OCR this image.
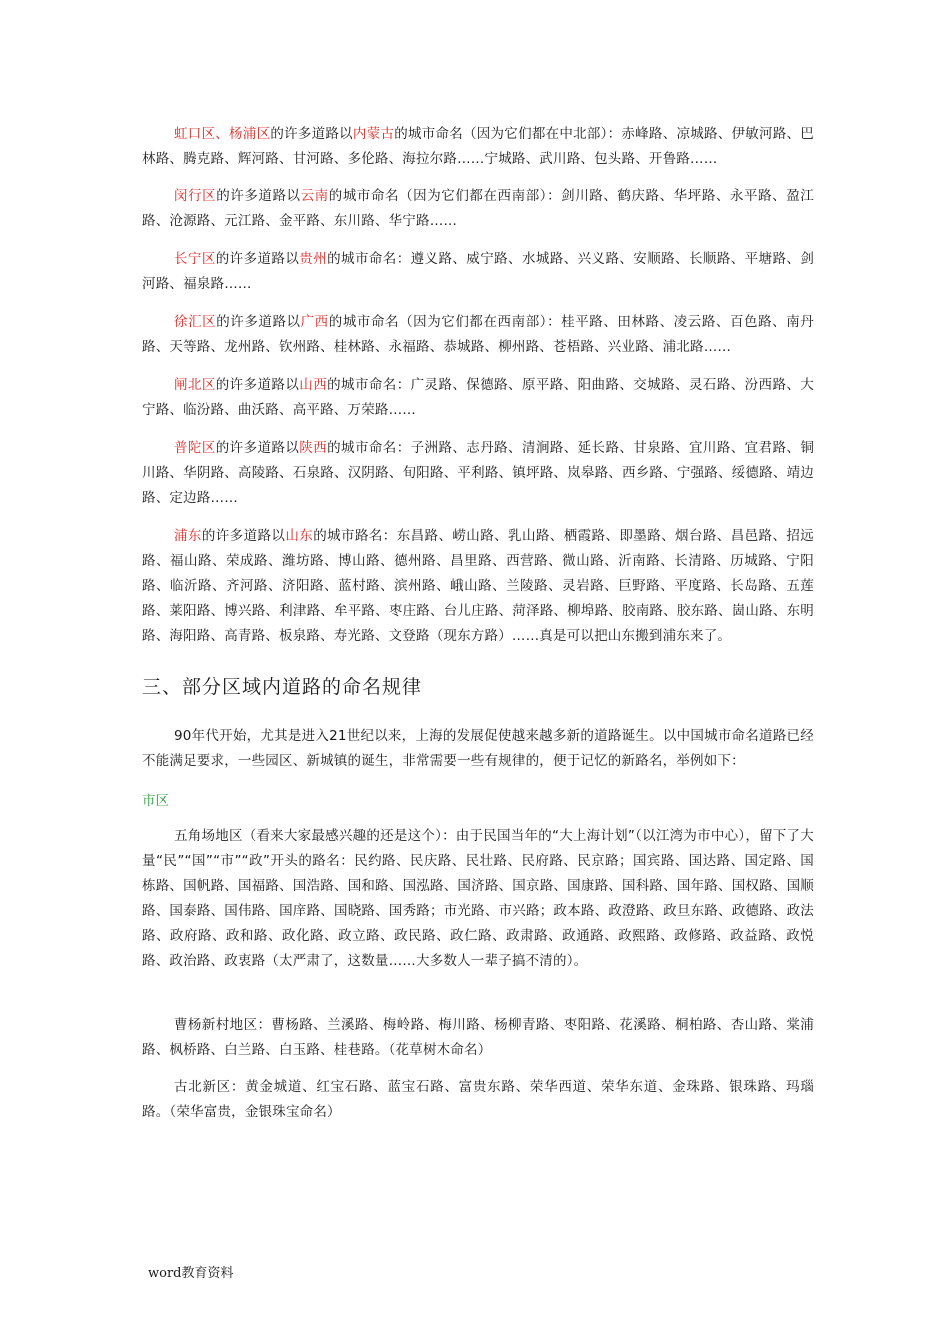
虹口区、杨浦区的许多道路以内蒙古的城市命名（因为它们都在中北部）：赤峰路、凉城路、伊敏河路、巴林路、腾克路、辉河路、甘河路、多伦路、海拉尔路……宁城路、武川路、包头路、开鲁路……

闵行区的许多道路以云南的城市命名（因为它们都在西南部）：剑川路、鹤庆路、华坪路、永平路、盈江路、沧源路、元江路、金平路、东川路、华宁路……

长宁区的许多道路以贵州的城市命名：遵义路、威宁路、水城路、兴义路、安顺路、长顺路、平塘路、剑河路、福泉路……

徐汇区的许多道路以广西的城市命名（因为它们都在西南部）：桂平路、田林路、凌云路、百色路、南丹路、天等路、龙州路、钦州路、桂林路、永福路、恭城路、柳州路、苍梧路、兴业路、浦北路……

闸北区的许多道路以山西的城市命名：广灵路、保德路、原平路、阳曲路、交城路、灵石路、汾西路、大宁路、临汾路、曲沃路、高平路、万荣路……

普陀区的许多道路以陕西的城市命名：子洲路、志丹路、清涧路、延长路、甘泉路、宜川路、宜君路、铜川路、华阴路、高陵路、石泉路、汉阴路、旬阳路、平利路、镇坪路、岚皋路、西乡路、宁强路、绥德路、靖边路、定边路……

浦东的许多道路以山东的城市路名：东昌路、崂山路、乳山路、栖霞路、即墨路、烟台路、昌邑路、招远路、福山路、荣成路、潍坊路、博山路、德州路、昌里路、西营路、微山路、沂南路、长清路、历城路、宁阳路、临沂路、齐河路、济阳路、蓝村路、滨州路、峨山路、兰陵路、灵岩路、巨野路、平度路、长岛路、五莲路、莱阳路、博兴路、利津路、牟平路、枣庄路、台儿庄路、菏泽路、柳埠路、胶南路、胶东路、崮山路、东明路、海阳路、高青路、板泉路、寿光路、文登路（现东方路）……真是可以把山东搬到浦东来了。

三、部分区域内道路的命名规律

90年代开始，尤其是进入21世纪以来，上海的发展促使越来越多新的道路诞生。以中国城市命名道路已经不能满足要求，一些园区、新城镇的诞生，非常需要一些有规律的，便于记忆的新路名，举例如下：

市区

五角场地区（看来大家最感兴趣的还是这个）：由于民国当年的“大上海计划”（以江湾为市中心），留下了大量“民”“国”“市”“政”开头的路名：民约路、民庆路、民壮路、民府路、民京路；国宾路、国达路、国定路、国栋路、国帆路、国福路、国浩路、国和路、国泓路、国济路、国京路、国康路、国科路、国年路、国权路、国顺路、国泰路、国伟路、国庠路、国晓路、国秀路；市光路、市兴路；政本路、政澄路、政旦东路、政德路、政法路、政府路、政和路、政化路、政立路、政民路、政仁路、政肃路、政通路、政熙路、政修路、政益路、政悦路、政治路、政衷路（太严肃了，这数量……大多数人一辈子搞不清的）。

曹杨新村地区：曹杨路、兰溪路、梅岭路、梅川路、杨柳青路、枣阳路、花溪路、桐柏路、杏山路、棠浦路、枫桥路、白兰路、白玉路、桂巷路。（花草树木命名）

古北新区：黄金城道、红宝石路、蓝宝石路、富贵东路、荣华西道、荣华东道、金珠路、银珠路、玛瑙路。（荣华富贵，金银珠宝命名）

word教育资料
